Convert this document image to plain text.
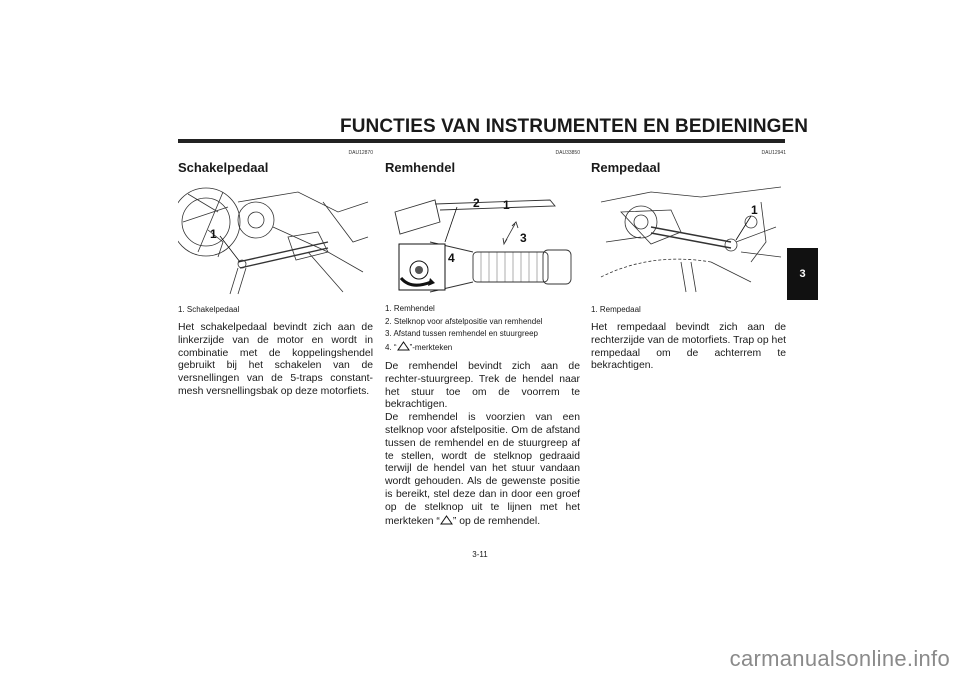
FUNCTIES VAN INSTRUMENTEN EN BEDIENINGEN
3
DAU12870
Schakelpedaal
1
1. Schakelpedaal

Het schakelpedaal bevindt zich aan de linkerzijde van de motor en wordt in combinatie met de koppelingshendel gebruikt bij het schakelen van de versnellingen van de 5-traps constant-mesh versnellingsbak op deze motorfiets.

DAU33850
Remhendel
2 1
3
4
1. Remhendel
2. Stelknop voor afstelpositie van remhendel
3. Afstand tussen remhendel en stuurgreep
4. “ ”-merkteken

De remhendel bevindt zich aan de rechter-stuurgreep. Trek de hendel naar het stuur toe om de voorrem te bekrachtigen.

De remhendel is voorzien van een stelknop voor afstelpositie. Om de afstand tussen de remhendel en de stuurgreep af te stellen, wordt de stelknop gedraaid terwijl de hendel van het stuur vandaan wordt gehouden. Als de gewenste positie is bereikt, stel deze dan in door een groef op de stelknop uit te lijnen met het merkteken “ ” op de remhendel.

DAU12941
Rempedaal
1
1. Rempedaal

Het rempedaal bevindt zich aan de rechterzijde van de motorfiets. Trap op het rempedaal om de achterrem te bekrachtigen.

3-11
carmanualsonline.info
